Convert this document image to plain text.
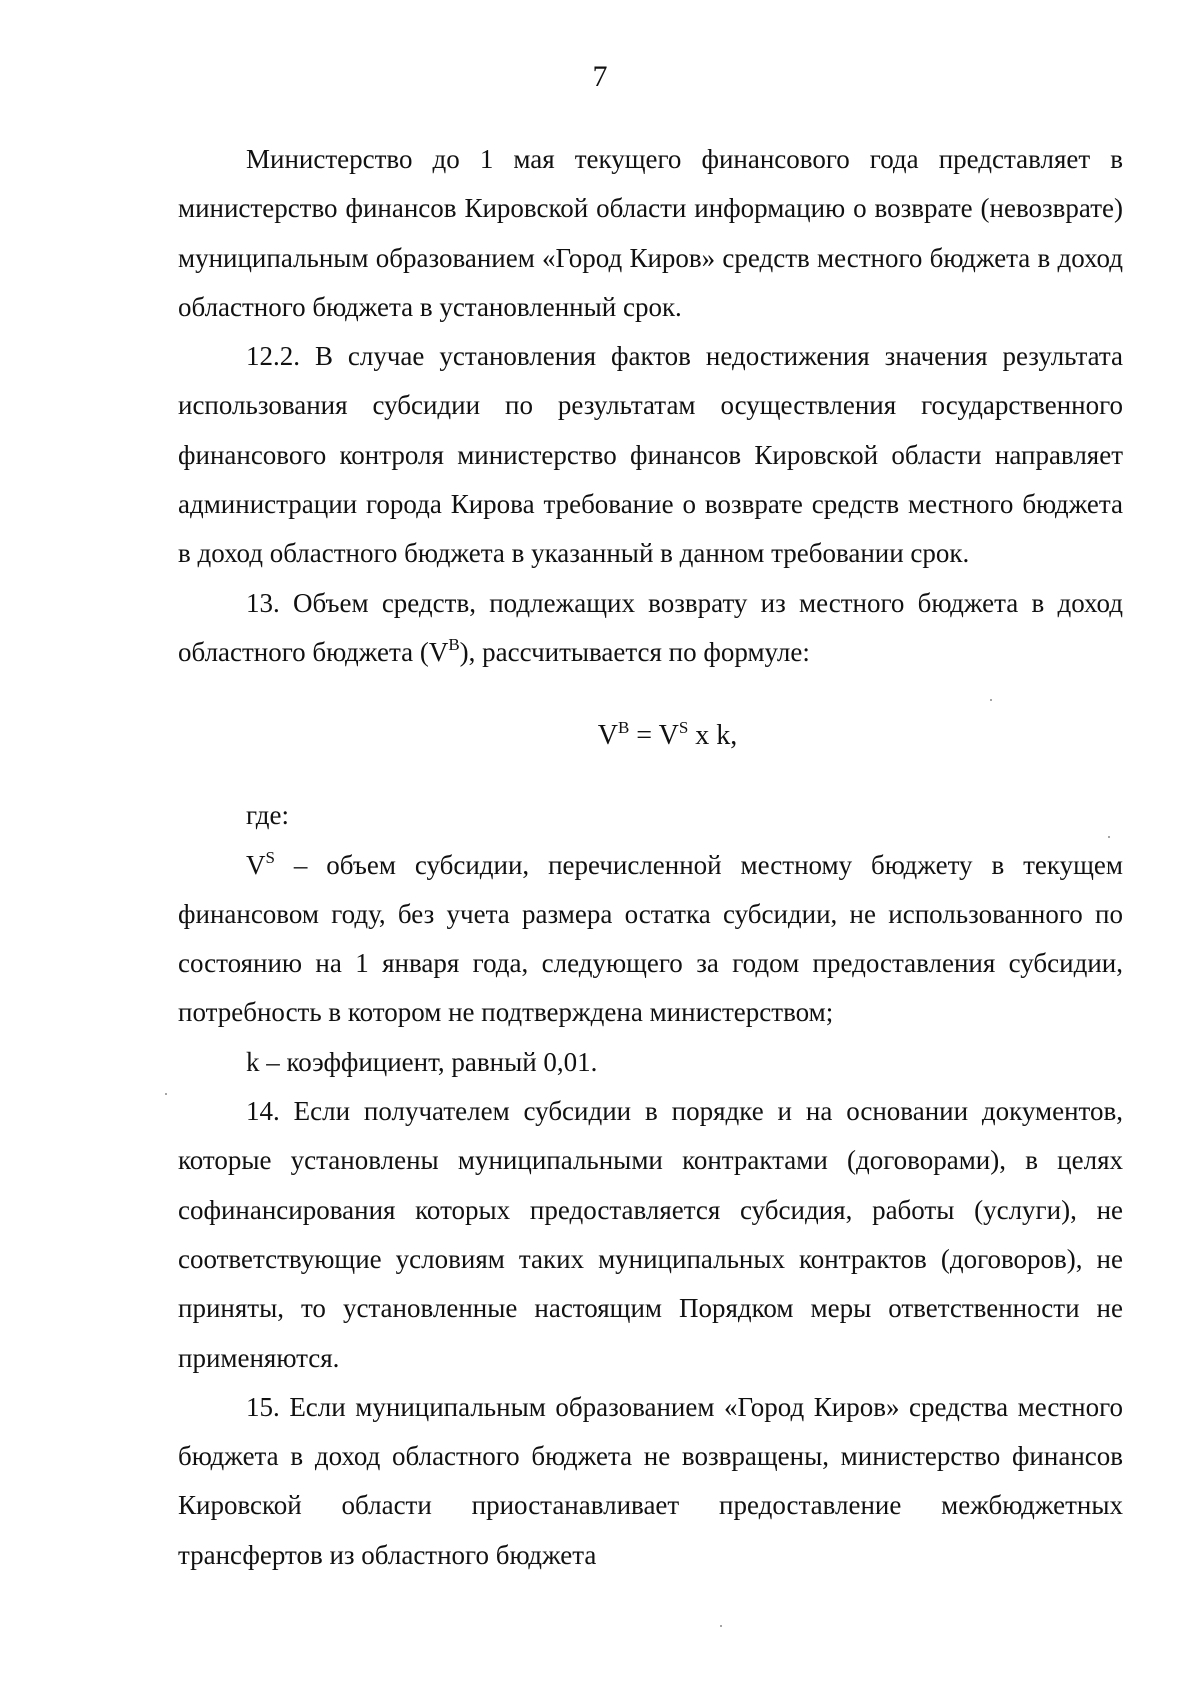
7

Министерство до 1 мая текущего финансового года представляет в министерство финансов Кировской области информацию о возврате (невозврате) муниципальным образованием «Город Киров» средств местного бюджета в доход областного бюджета в установленный срок.

12.2. В случае установления фактов недостижения значения результата использования субсидии по результатам осуществления государственного финансового контроля министерство финансов Кировской области направляет администрации города Кирова требование о возврате средств местного бюджета в доход областного бюджета в указанный в данном требовании срок.

13. Объем средств, подлежащих возврату из местного бюджета в доход областного бюджета $(V^B)$, рассчитывается по формуле:

$V^B = V^S$ x k,

где:

$V^S$ – объем субсидии, перечисленной местному бюджету в текущем финансовом году, без учета размера остатка субсидии, не использованного по состоянию на 1 января года, следующего за годом предоставления субсидии, потребность в котором не подтверждена министерством;

k – коэффициент, равный 0,01.

14. Если получателем субсидии в порядке и на основании документов, которые установлены муниципальными контрактами (договорами), в целях софинансирования которых предоставляется субсидия, работы (услуги), не соответствующие условиям таких муниципальных контрактов (договоров), не приняты, то установленные настоящим Порядком меры ответственности не применяются.

15. Если муниципальным образованием «Город Киров» средства местного бюджета в доход областного бюджета не возвращены, министерство финансов Кировской области приостанавливает предоставление межбюджетных трансфертов из областного бюджета
